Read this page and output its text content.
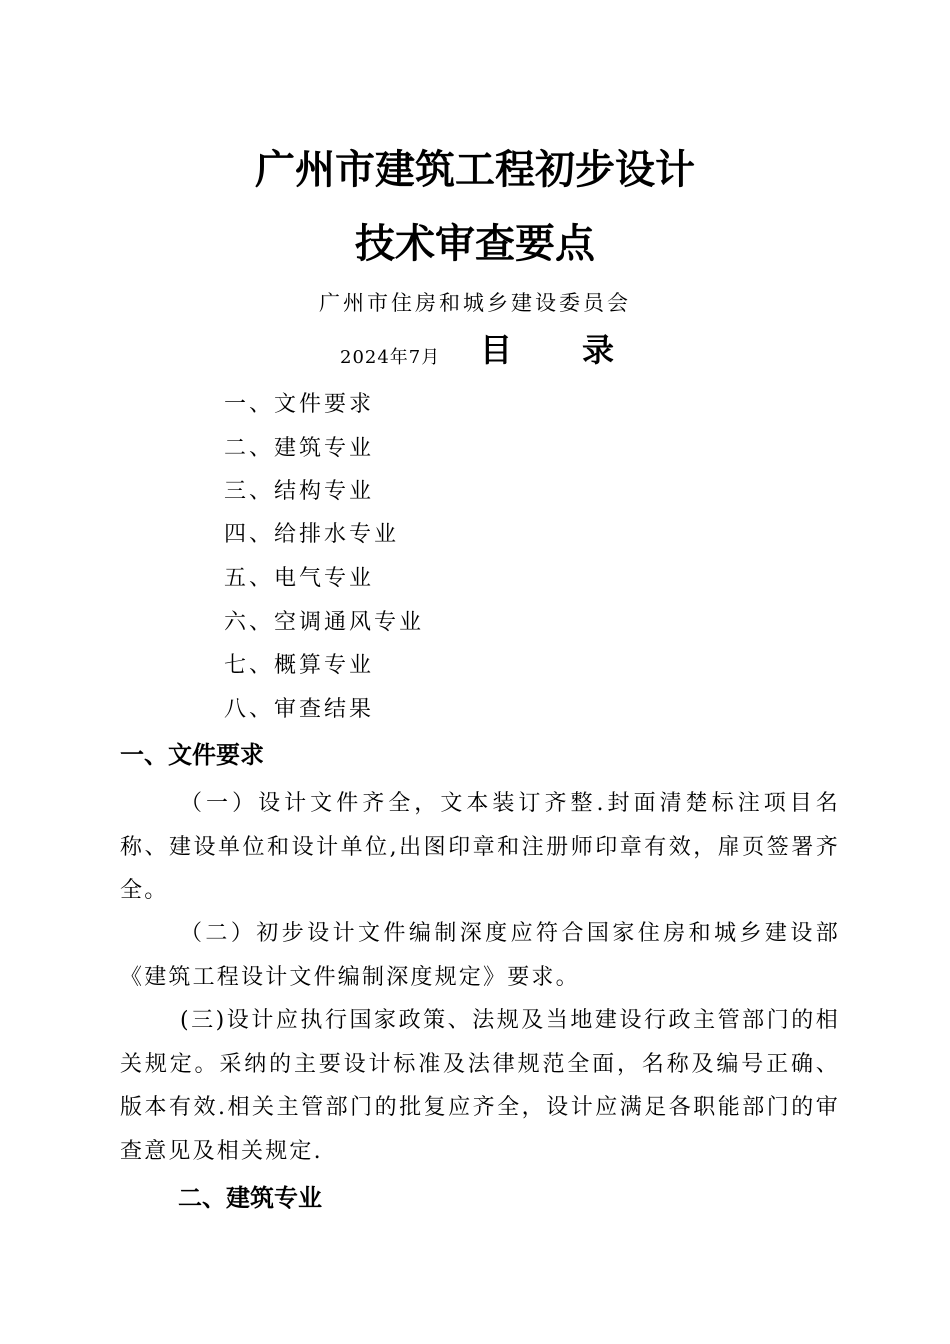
广州市建筑工程初步设计
技术审查要点
广州市住房和城乡建设委员会
2024年7月 目 录
一、文件要求
二、建筑专业
三、结构专业
四、给排水专业
五、电气专业
六、空调通风专业
七、概算专业
八、审查结果
一、文件要求
（一）设计文件齐全，文本装订齐整.封面清楚标注项目名称、建设单位和设计单位,出图印章和注册师印章有效，扉页签署齐全。
（二）初步设计文件编制深度应符合国家住房和城乡建设部《建筑工程设计文件编制深度规定》要求。
(三)设计应执行国家政策、法规及当地建设行政主管部门的相关规定。采纳的主要设计标准及法律规范全面，名称及编号正确、版本有效.相关主管部门的批复应齐全，设计应满足各职能部门的审查意见及相关规定.
二、建筑专业
